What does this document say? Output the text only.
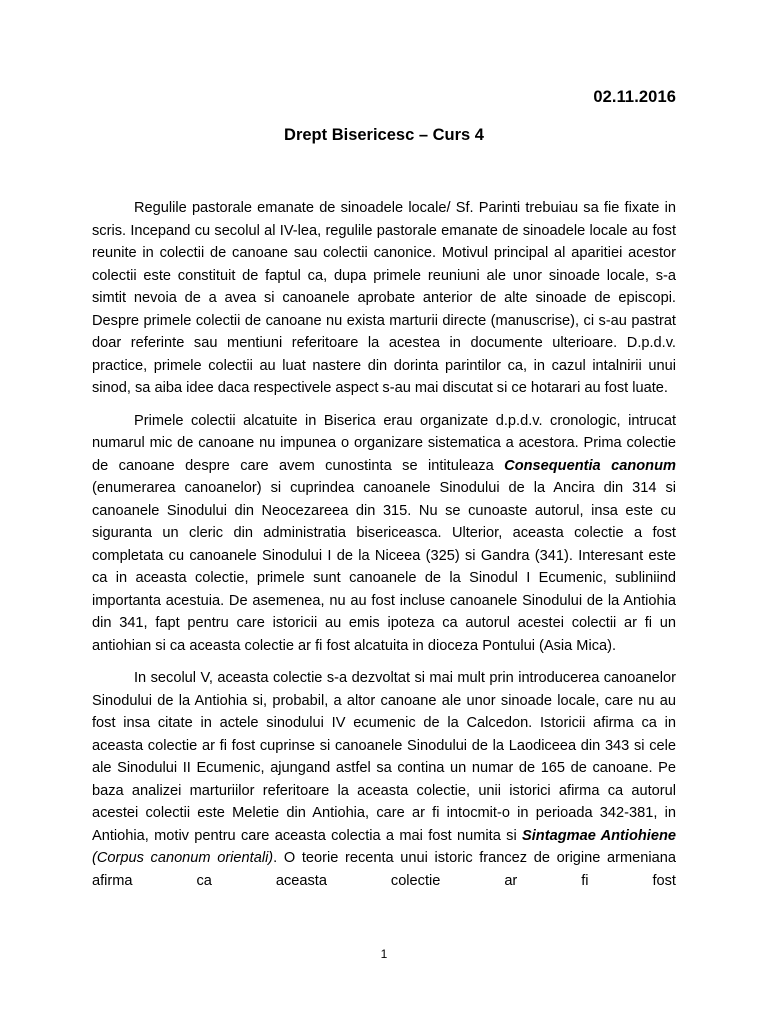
02.11.2016
Drept Bisericesc – Curs 4

Regulile pastorale emanate de sinoadele locale/ Sf. Parinti trebuiau sa fie fixate in scris. Incepand cu secolul al IV-lea, regulile pastorale emanate de sinoadele locale au fost reunite in colectii de canoane sau colectii canonice. Motivul principal al aparitiei acestor colectii este constituit de faptul ca, dupa primele reuniuni ale unor sinoade locale, s-a simtit nevoia de a avea si canoanele aprobate anterior de alte sinoade de episcopi. Despre primele colectii de canoane nu exista marturii directe (manuscrise), ci s-au pastrat doar referinte sau mentiuni referitoare la acestea in documente ulterioare. D.p.d.v. practice, primele colectii au luat nastere din dorinta parintilor ca, in cazul intalnirii unui sinod, sa aiba idee daca respectivele aspect s-au mai discutat si ce hotarari au fost luate.

Primele colectii alcatuite in Biserica erau organizate d.p.d.v. cronologic, intrucat numarul mic de canoane nu impunea o organizare sistematica a acestora. Prima colectie de canoane despre care avem cunostinta se intituleaza Consequentia canonum (enumerarea canoanelor) si cuprindea canoanele Sinodului de la Ancira din 314 si canoanele Sinodului din Neocezareea din 315. Nu se cunoaste autorul, insa este cu siguranta un cleric din administratia bisericeasca. Ulterior, aceasta colectie a fost completata cu canoanele Sinodului I de la Niceea (325) si Gandra (341). Interesant este ca in aceasta colectie, primele sunt canoanele de la Sinodul I Ecumenic, subliniind importanta acestuia. De asemenea, nu au fost incluse canoanele Sinodului de la Antiohia din 341, fapt pentru care istoricii au emis ipoteza ca autorul acestei colectii ar fi un antiohian si ca aceasta colectie ar fi fost alcatuita in dioceza Pontului (Asia Mica).

In secolul V, aceasta colectie s-a dezvoltat si mai mult prin introducerea canoanelor Sinodului de la Antiohia si, probabil, a altor canoane ale unor sinoade locale, care nu au fost insa citate in actele sinodului IV ecumenic de la Calcedon. Istoricii afirma ca in aceasta colectie ar fi fost cuprinse si canoanele Sinodului de la Laodiceea din 343 si cele ale Sinodului II Ecumenic, ajungand astfel sa contina un numar de 165 de canoane. Pe baza analizei marturiilor referitoare la aceasta colectie, unii istorici afirma ca autorul acestei colectii este Meletie din Antiohia, care ar fi intocmit-o in perioada 342-381, in Antiohia, motiv pentru care aceasta colectia a mai fost numita si Sintagmae Antiohiene (Corpus canonum orientali). O teorie recenta unui istoric francez de origine armeniana afirma ca aceasta colectie ar fi fost

1
